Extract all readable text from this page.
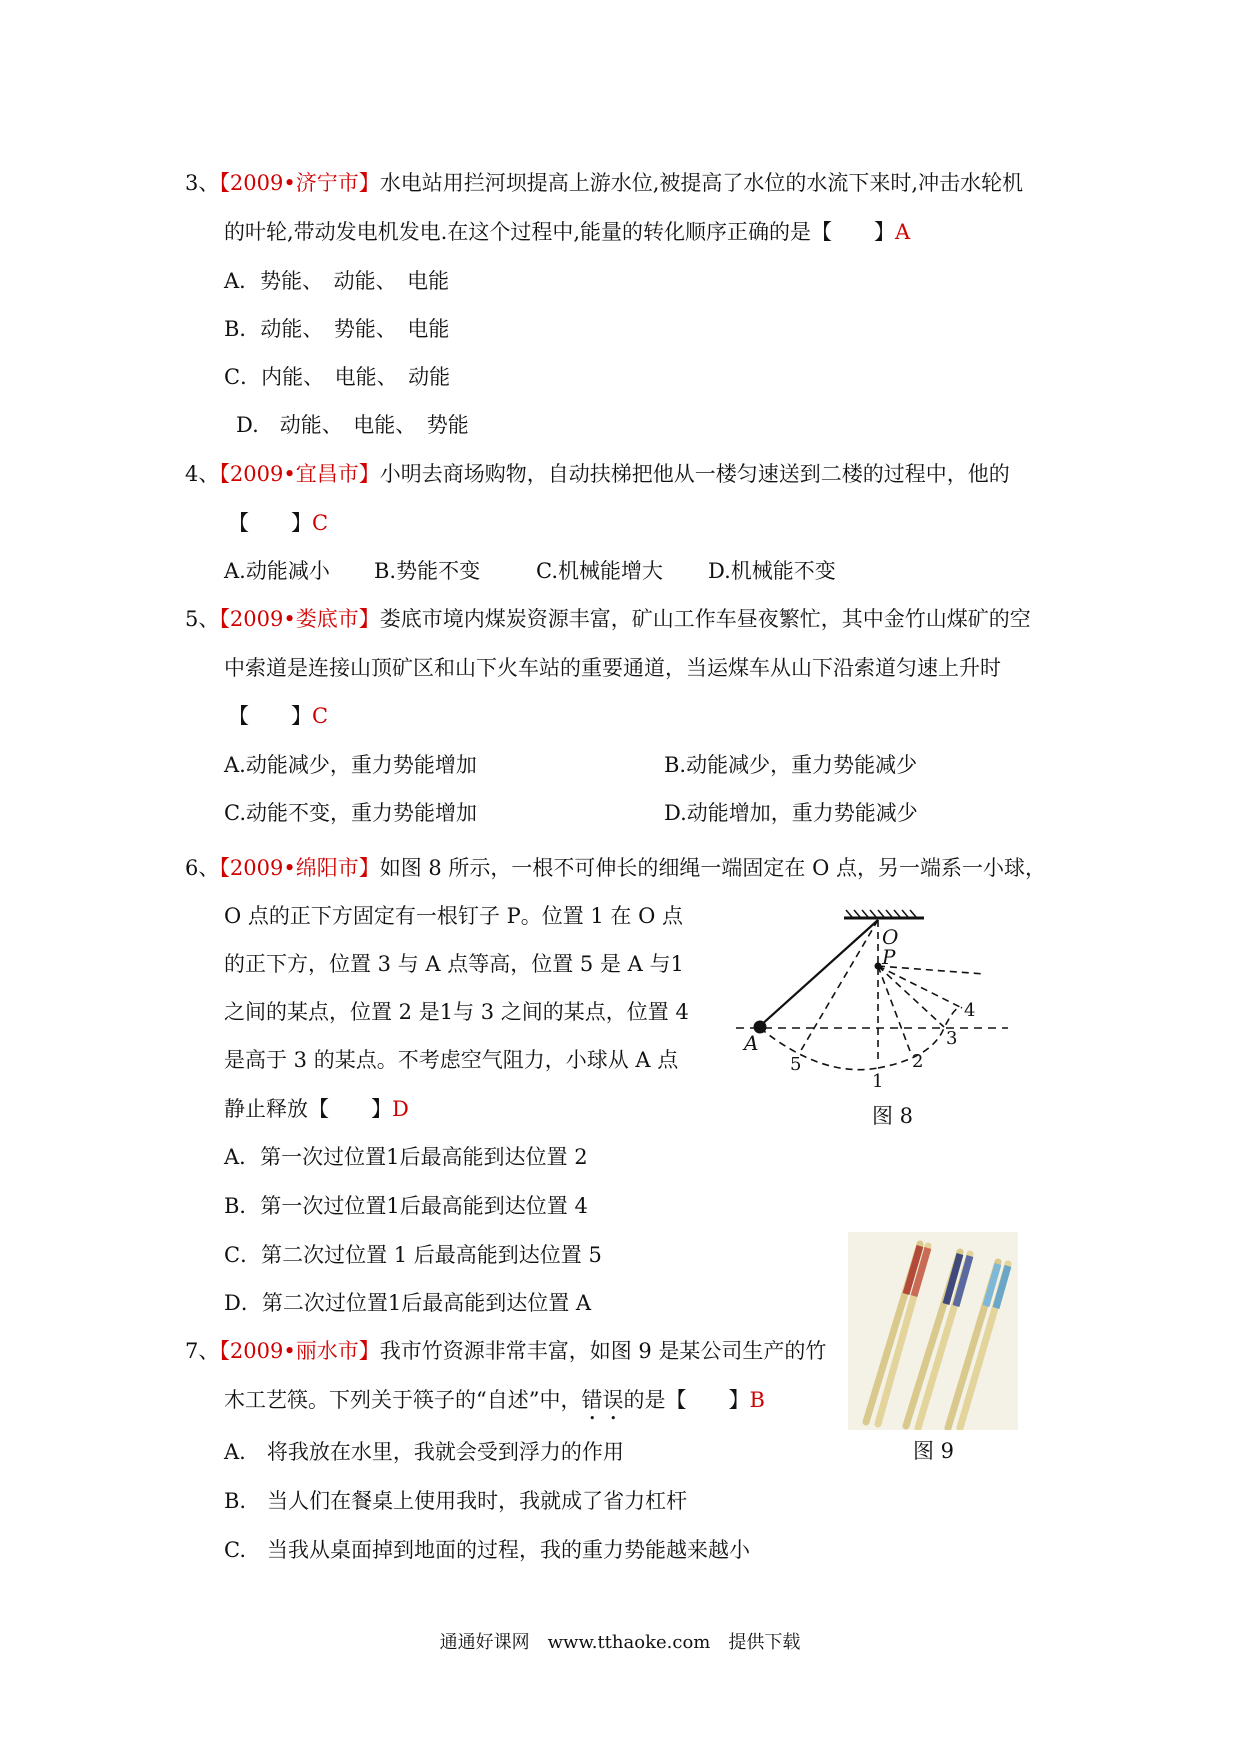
3、【2009•济宁市】水电站用拦河坝提高上游水位,被提高了水位的水流下来时,冲击水轮机
的叶轮,带动发电机发电.在这个过程中,能量的转化顺序正确的是【　　】A
A．势能、　动能、　电能
B．动能、　势能、　电能
C．内能、　电能、　动能
D.　动能、　电能、　势能
4、【2009•宜昌市】小明去商场购物，自动扶梯把他从一楼匀速送到二楼的过程中，他的
【　　】C
A.动能减小 B.势能不变	C.机械能增大 D.机械能不变
5、【2009•娄底市】娄底市境内煤炭资源丰富，矿山工作车昼夜繁忙，其中金竹山煤矿的空
中索道是连接山顶矿区和山下火车站的重要通道，当运煤车从山下沿索道匀速上升时
【　　】C
A.动能减少，重力势能增加	B.动能减少，重力势能减少
C.动能不变，重力势能增加	D.动能增加，重力势能减少
6、【2009•绵阳市】如图 8 所示，一根不可伸长的细绳一端固定在 O 点，另一端系一小球，
O 点的正下方固定有一根钉子 P。位置 1 在 O 点
的正下方，位置 3 与 A 点等高，位置 5 是 A 与1
之间的某点，位置 2 是1与 3 之间的某点，位置 4
是高于 3 的某点。不考虑空气阻力，小球从 A 点
静止释放【　　】D
A．第一次过位置1后最高能到达位置 2
B．第一次过位置1后最高能到达位置 4
C．第二次过位置 1 后最高能到达位置 5
D．第二次过位置1后最高能到达位置 A
O
P
A
5
1
2
3
4
图 8
7、【2009•丽水市】我市竹资源非常丰富，如图 9 是某公司生产的竹
木工艺筷。下列关于筷子的“自述”中，错误的是【　　】B
A.　将我放在水里，我就会受到浮力的作用
B.　当人们在餐桌上使用我时，我就成了省力杠杆
C.　当我从桌面掉到地面的过程，我的重力势能越来越小
图 9
通通好课网　www.tthaoke.com　提供下载
